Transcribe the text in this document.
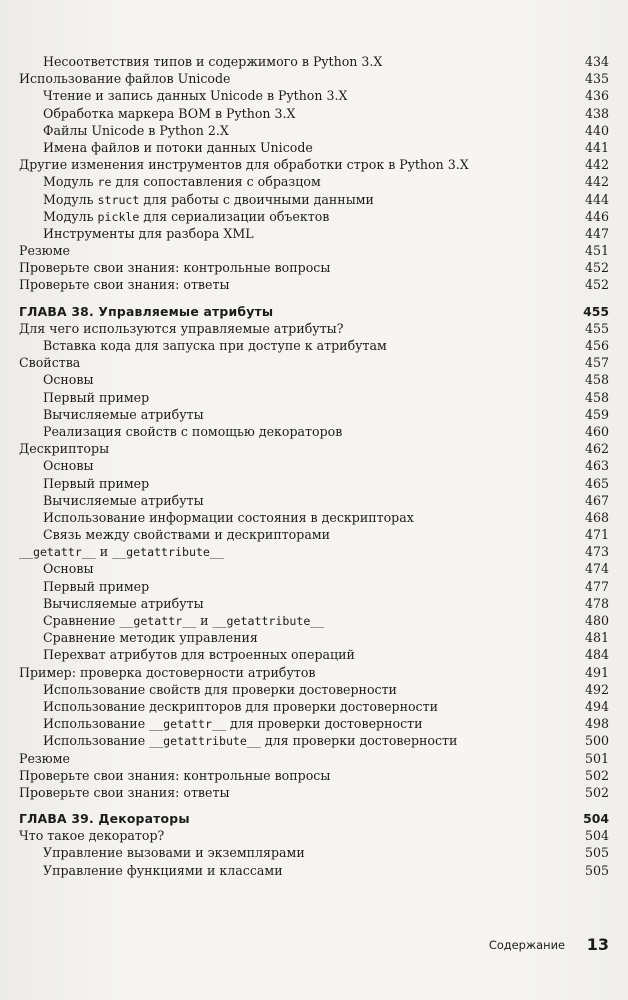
Несоответствия типов и содержимого в Python 3.X	434
Использование файлов Unicode	435
Чтение и запись данных Unicode в Python 3.X	436
Обработка маркера BOM в Python 3.X	438
Файлы Unicode в Python 2.X	440
Имена файлов и потоки данных Unicode	441
Другие изменения инструментов для обработки строк в Python 3.X	442
Модуль re для сопоставления с образцом	442
Модуль struct для работы с двоичными данными	444
Модуль pickle для сериализации объектов	446
Инструменты для разбора XML	447
Резюме	451
Проверьте свои знания: контрольные вопросы	452
Проверьте свои знания: ответы	452
ГЛАВА 38. Управляемые атрибуты	455
Для чего используются управляемые атрибуты?	455
Вставка кода для запуска при доступе к атрибутам	456
Свойства	457
Основы	458
Первый пример	458
Вычисляемые атрибуты	459
Реализация свойств с помощью декораторов	460
Дескрипторы	462
Основы	463
Первый пример	465
Вычисляемые атрибуты	467
Использование информации состояния в дескрипторах	468
Связь между свойствами и дескрипторами	471
__getattr__ и __getattribute__	473
Основы	474
Первый пример	477
Вычисляемые атрибуты	478
Сравнение __getattr__ и __getattribute__	480
Сравнение методик управления	481
Перехват атрибутов для встроенных операций	484
Пример: проверка достоверности атрибутов	491
Использование свойств для проверки достоверности	492
Использование дескрипторов для проверки достоверности	494
Использование __getattr__ для проверки достоверности	498
Использование __getattribute__ для проверки достоверности	500
Резюме	501
Проверьте свои знания: контрольные вопросы	502
Проверьте свои знания: ответы	502
ГЛАВА 39. Декораторы	504
Что такое декоратор?	504
Управление вызовами и экземплярами	505
Управление функциями и классами	505
Содержание 13
